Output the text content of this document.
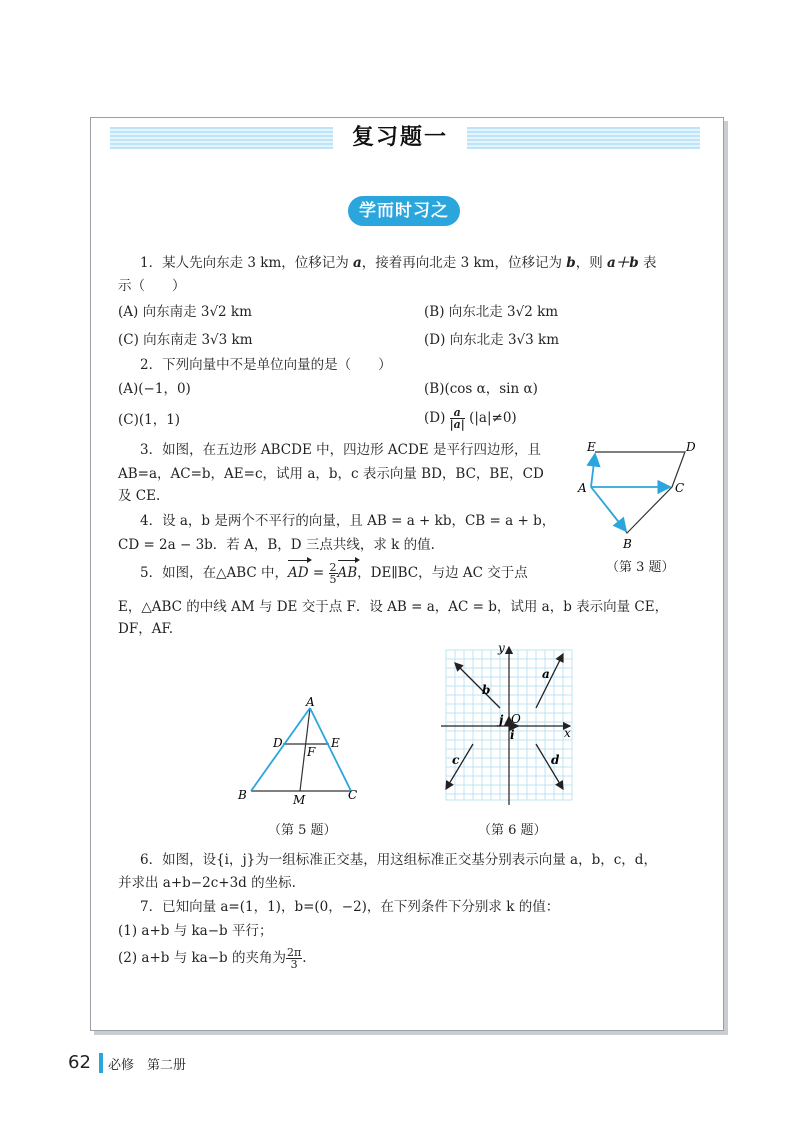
复习题一
学而时习之
1．某人先向东走 3 km，位移记为 a，接着再向北走 3 km，位移记为 b，则 a＋b 表
示（　　）
(A) 向东南走 3√2 km	(B) 向东北走 3√2 km
(C) 向东南走 3√3 km	(D) 向东北走 3√3 km
2．下列向量中不是单位向量的是（　　）
(A)(−1，0)	(B)(cos α，sin α)
(C)(1，1)	$(D) \frac{a}{|a|} (|a|\ne 0)$
3．如图，在五边形 ABCDE 中，四边形 ACDE 是平行四边形，且
AB=a，AC=b，AE=c，试用 a，b，c 表示向量 BD，BC，BE，CD
及 CE.
4．设 a，b 是两个不平行的向量，且 AB = a + kb，CB = a + b，
CD = 2a − 3b．若 A，B，D 三点共线，求 k 的值.
5．如图，在△ABC 中，AD = $\frac{2}{5}$ AB，DE∥BC，与边 AC 交于点
E，△ABC 的中线 AM 与 DE 交于点 F．设 AB = a，AC = b，试用 a，b 表示向量 CE，
DF，AF.
E	D
A	C
B
（第 3 题）
A
D	E
F
B	M	C
（第 5 题）
y
x
O
i
j
a
b
c	d
（第 6 题）
6．如图，设{i，j}为一组标准正交基，用这组标准正交基分别表示向量 a，b，c，d，
并求出 a+b−2c+3d 的坐标.
7．已知向量 a=(1，1)，b=(0，−2)，在下列条件下分别求 k 的值：
(1) a+b 与 ka−b 平行；
(2) a+b 与 ka−b 的夹角为 $\frac{2\pi}{3}$ .
62 必修　第二册
